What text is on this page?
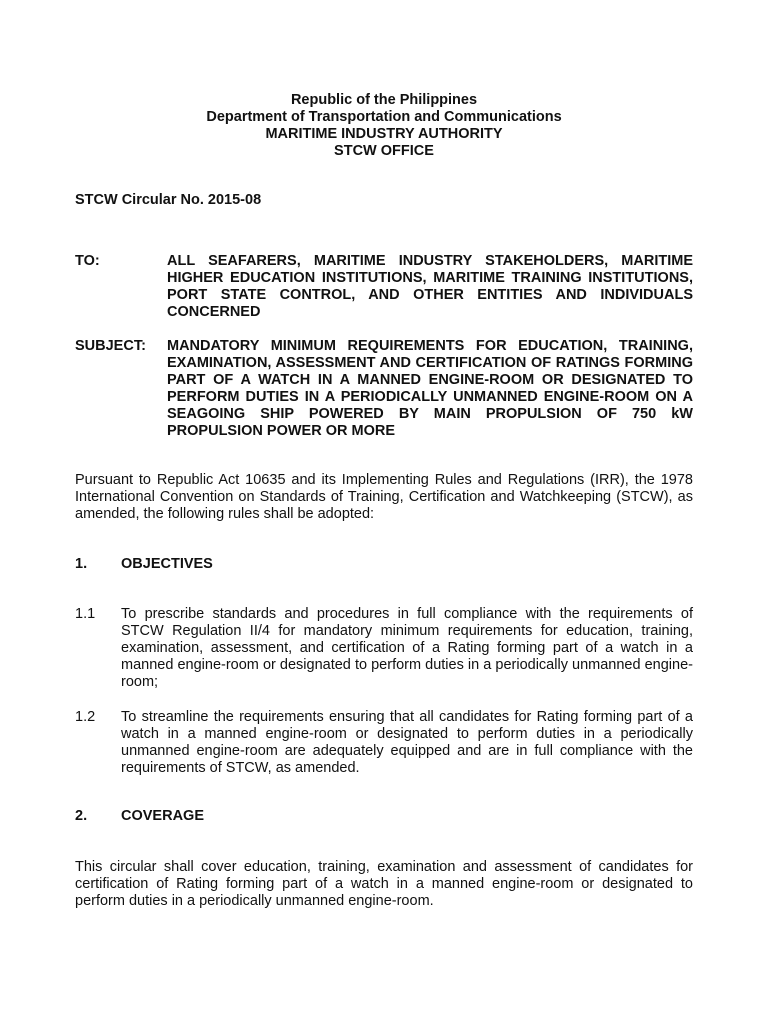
Republic of the Philippines
Department of Transportation and Communications
MARITIME INDUSTRY AUTHORITY
STCW OFFICE
STCW Circular No. 2015-08
TO:	ALL SEAFARERS, MARITIME INDUSTRY STAKEHOLDERS, MARITIME HIGHER EDUCATION INSTITUTIONS, MARITIME TRAINING INSTITUTIONS, PORT STATE CONTROL, AND OTHER ENTITIES AND INDIVIDUALS CONCERNED
SUBJECT: MANDATORY MINIMUM REQUIREMENTS FOR EDUCATION, TRAINING, EXAMINATION, ASSESSMENT AND CERTIFICATION OF RATINGS FORMING PART OF A WATCH IN A MANNED ENGINE-ROOM OR DESIGNATED TO PERFORM DUTIES IN A PERIODICALLY UNMANNED ENGINE-ROOM ON A SEAGOING SHIP POWERED BY MAIN PROPULSION OF 750 kW PROPULSION POWER OR MORE
Pursuant to Republic Act 10635 and its Implementing Rules and Regulations (IRR), the 1978 International Convention on Standards of Training, Certification and Watchkeeping (STCW), as amended, the following rules shall be adopted:
1. OBJECTIVES
1.1 To prescribe standards and procedures in full compliance with the requirements of STCW Regulation II/4 for mandatory minimum requirements for education, training, examination, assessment, and certification of a Rating forming part of a watch in a manned engine-room or designated to perform duties in a periodically unmanned engine-room;
1.2 To streamline the requirements ensuring that all candidates for Rating forming part of a watch in a manned engine-room or designated to perform duties in a periodically unmanned engine-room are adequately equipped and are in full compliance with the requirements of STCW, as amended.
2. COVERAGE
This circular shall cover education, training, examination and assessment of candidates for certification of Rating forming part of a watch in a manned engine-room or designated to perform duties in a periodically unmanned engine-room.
